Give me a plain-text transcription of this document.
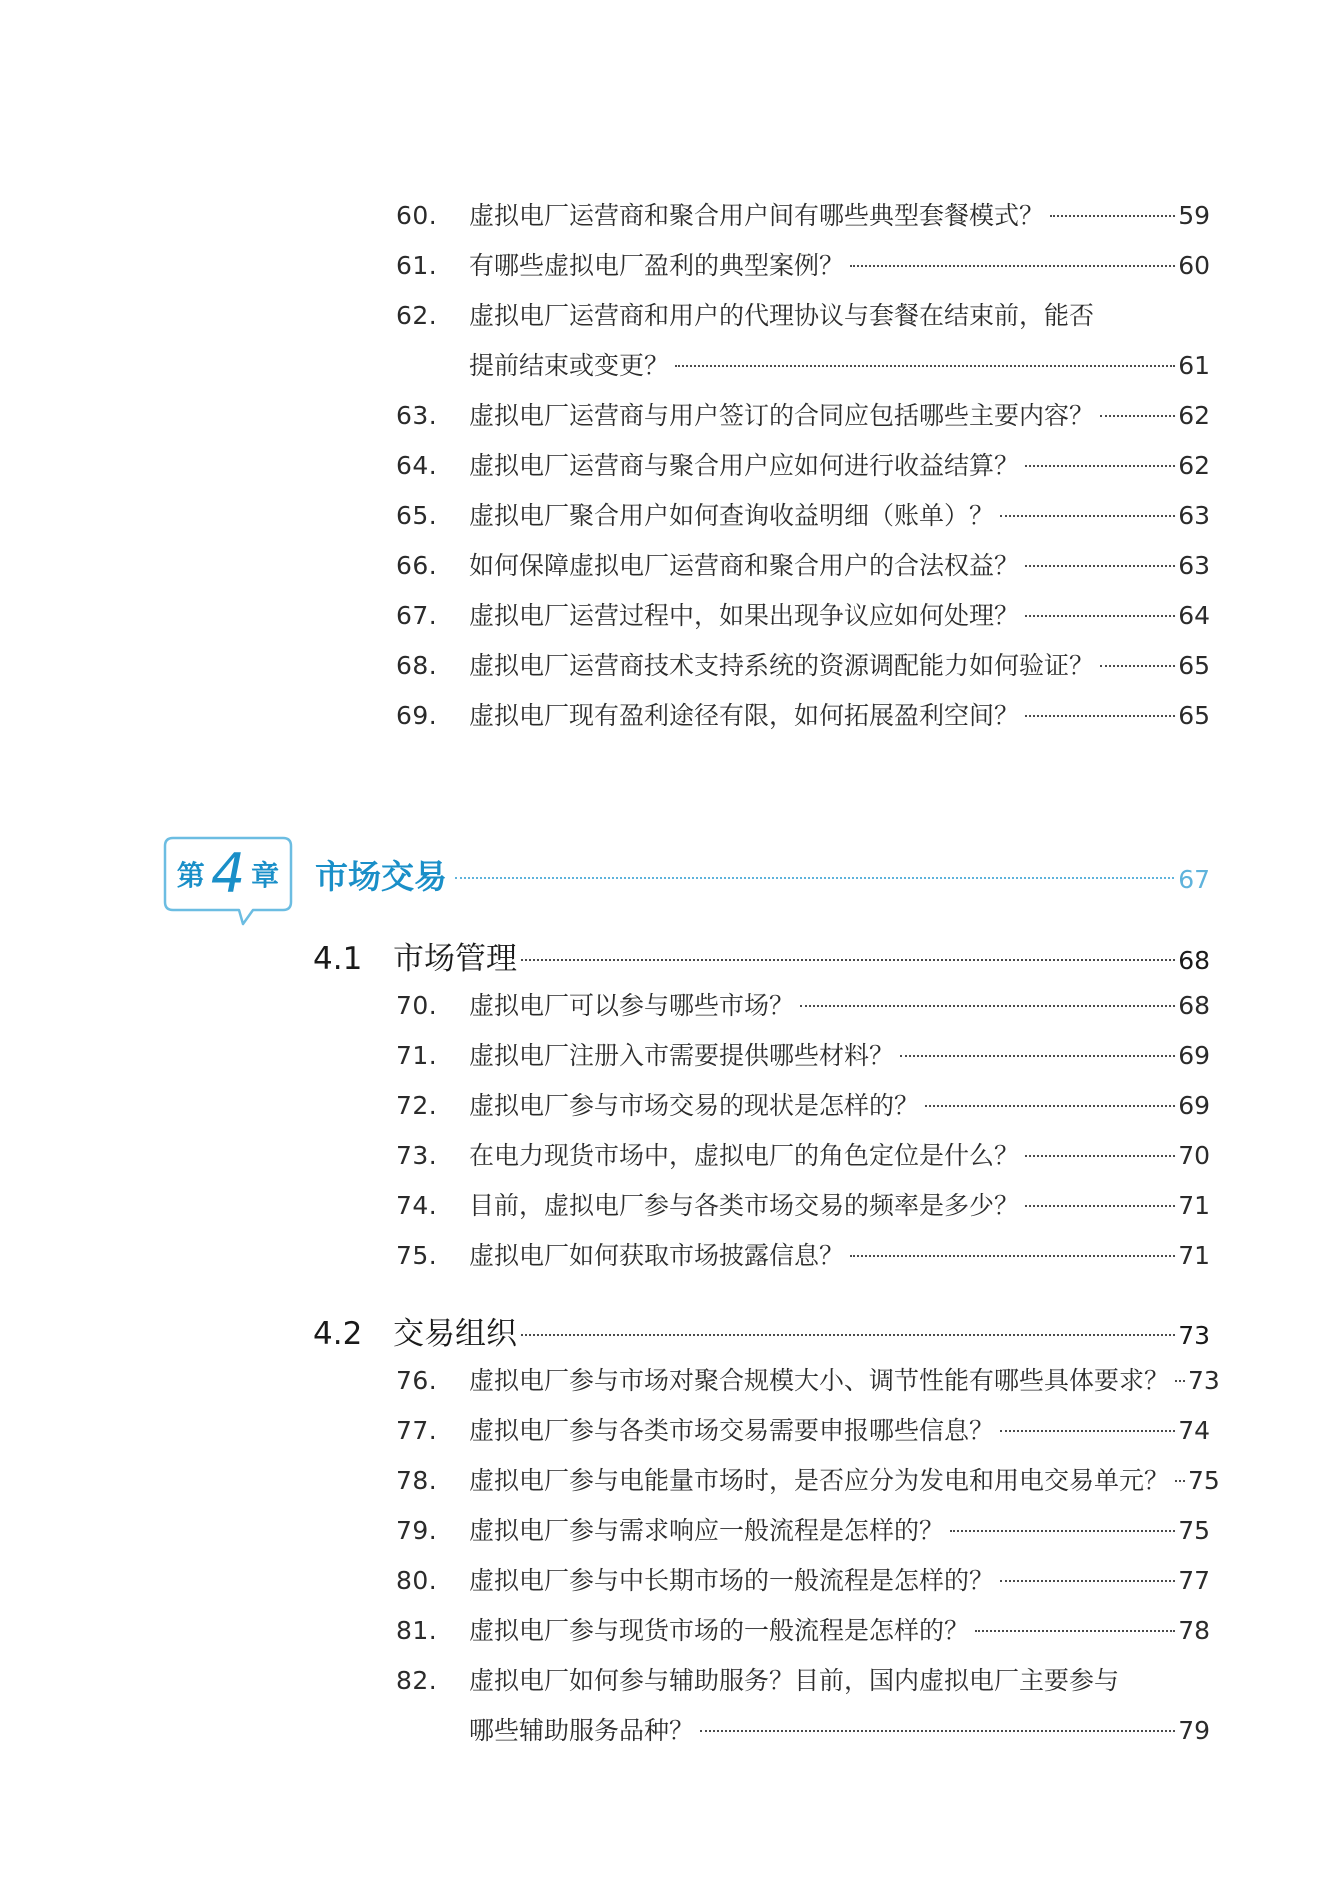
60.	虚拟电厂运营商和聚合用户间有哪些典型套餐模式？	59
61.	有哪些虚拟电厂盈利的典型案例？	60
62.	虚拟电厂运营商和用户的代理协议与套餐在结束前，能否
提前结束或变更？	61
63.	虚拟电厂运营商与用户签订的合同应包括哪些主要内容？	62
64.	虚拟电厂运营商与聚合用户应如何进行收益结算？	62
65.	虚拟电厂聚合用户如何查询收益明细（账单）？	63
66.	如何保障虚拟电厂运营商和聚合用户的合法权益？	63
67.	虚拟电厂运营过程中，如果出现争议应如何处理？	64
68.	虚拟电厂运营商技术支持系统的资源调配能力如何验证？	65
69.	虚拟电厂现有盈利途径有限，如何拓展盈利空间？	65
第 4 章 市场交易	67
4.1 市场管理	68
70.	虚拟电厂可以参与哪些市场？	68
71.	虚拟电厂注册入市需要提供哪些材料？	69
72.	虚拟电厂参与市场交易的现状是怎样的？	69
73.	在电力现货市场中，虚拟电厂的角色定位是什么？	70
74.	目前，虚拟电厂参与各类市场交易的频率是多少？	71
75.	虚拟电厂如何获取市场披露信息？	71
4.2 交易组织	73
76.	虚拟电厂参与市场对聚合规模大小、调节性能有哪些具体要求？ 73
77.	虚拟电厂参与各类市场交易需要申报哪些信息？	74
78.	虚拟电厂参与电能量市场时，是否应分为发电和用电交易单元？ 75
79.	虚拟电厂参与需求响应一般流程是怎样的？	75
80.	虚拟电厂参与中长期市场的一般流程是怎样的？	77
81.	虚拟电厂参与现货市场的一般流程是怎样的？	78
82.	虚拟电厂如何参与辅助服务？目前，国内虚拟电厂主要参与
哪些辅助服务品种？	79
